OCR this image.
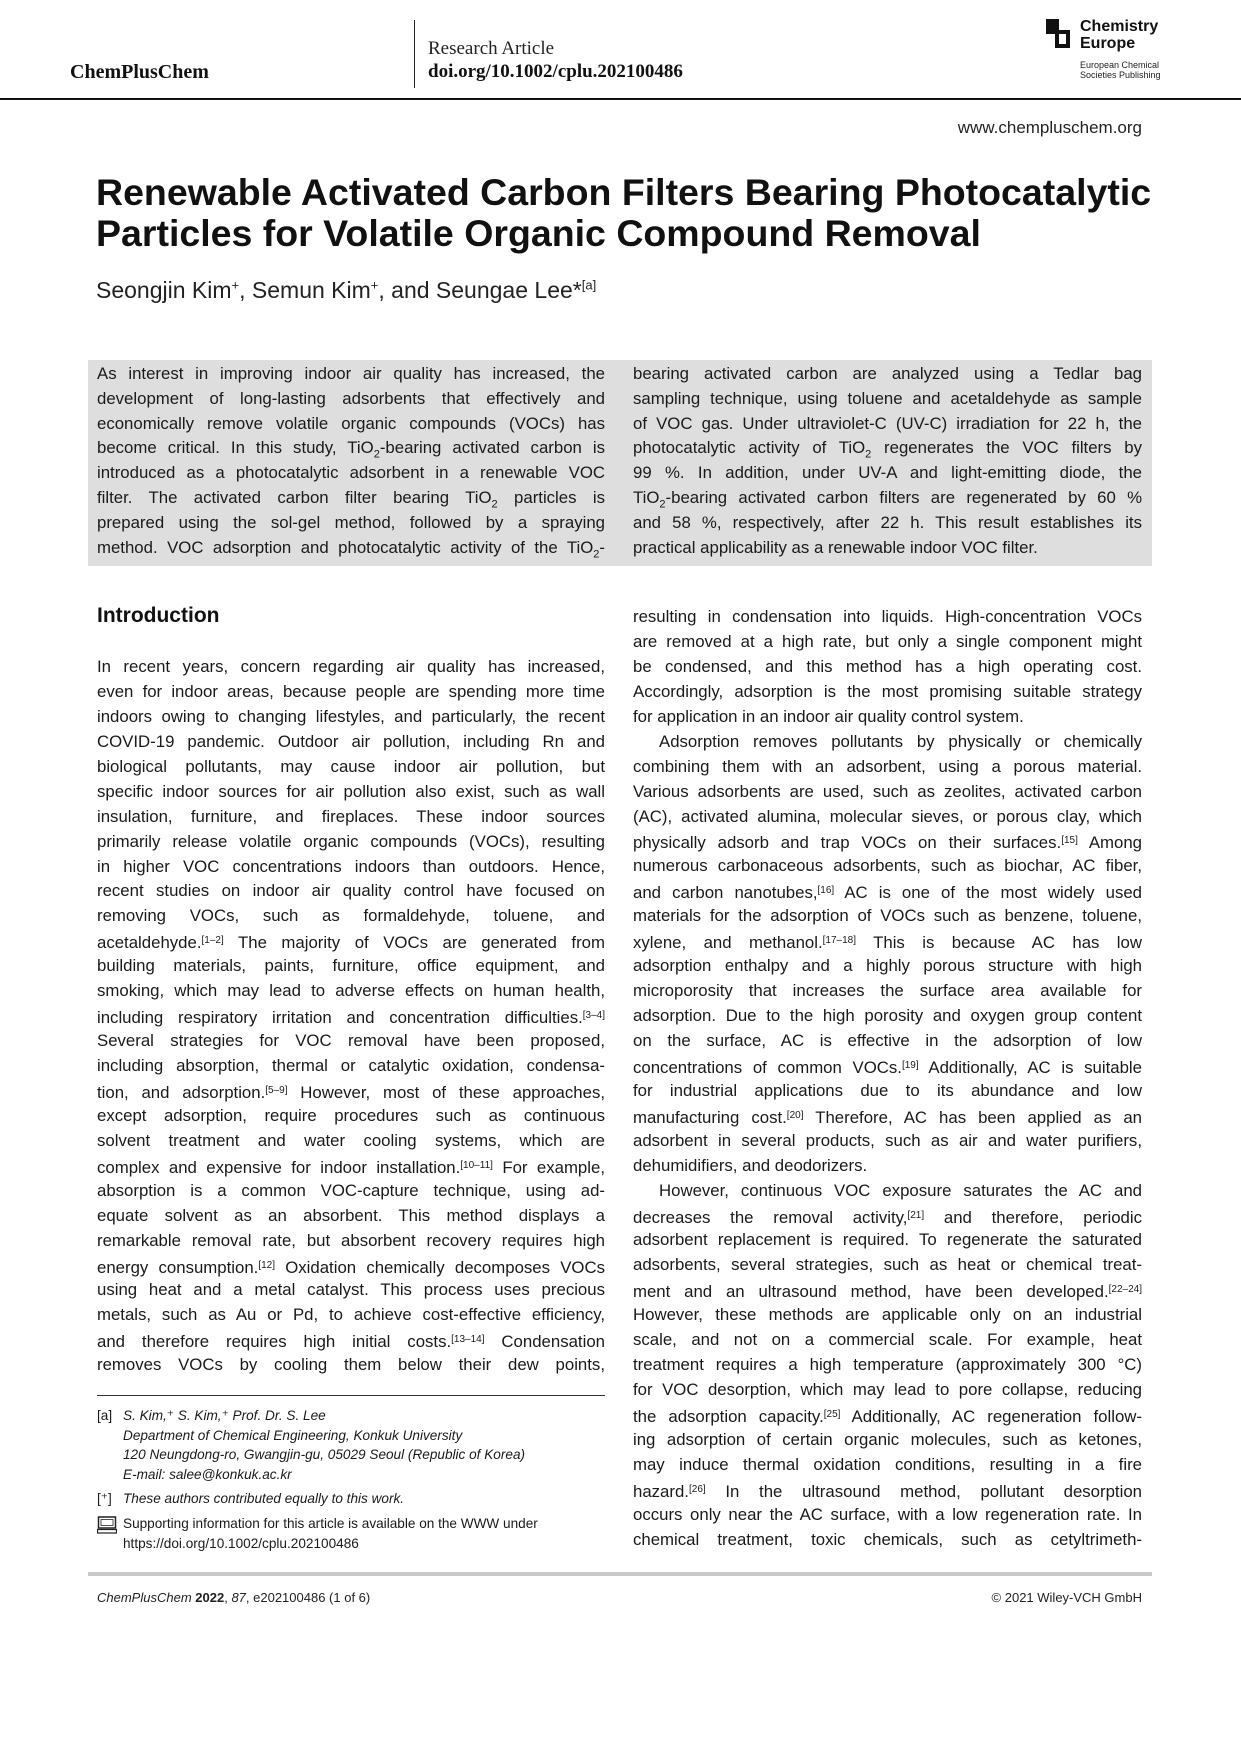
ChemPlusChem
Research Article
doi.org/10.1002/cplu.202100486
Chemistry
Europe
European Chemical
Societies Publishing
www.chempluschem.org
Renewable Activated Carbon Filters Bearing Photocatalytic
Particles for Volatile Organic Compound Removal
Seongjin Kim+, Semun Kim+, and Seungae Lee*[a]
As interest in improving indoor air quality has increased, the
development of long-lasting adsorbents that effectively and
economically remove volatile organic compounds (VOCs) has
become critical. In this study, TiO$_2$-bearing activated carbon is
introduced as a photocatalytic adsorbent in a renewable VOC
filter. The activated carbon filter bearing TiO$_2$ particles is
prepared using the sol-gel method, followed by a spraying
method. VOC adsorption and photocatalytic activity of the TiO$_2$-
bearing activated carbon are analyzed using a Tedlar bag
sampling technique, using toluene and acetaldehyde as sample
of VOC gas. Under ultraviolet-C (UV-C) irradiation for 22 h, the
photocatalytic activity of TiO$_2$ regenerates the VOC filters by
99 %. In addition, under UV-A and light-emitting diode, the
TiO$_2$-bearing activated carbon filters are regenerated by 60 %
and 58 %, respectively, after 22 h. This result establishes its
practical applicability as a renewable indoor VOC filter.
Introduction
In recent years, concern regarding air quality has increased,
even for indoor areas, because people are spending more time
indoors owing to changing lifestyles, and particularly, the recent
COVID-19 pandemic. Outdoor air pollution, including Rn and
biological pollutants, may cause indoor air pollution, but
specific indoor sources for air pollution also exist, such as wall
insulation, furniture, and fireplaces. These indoor sources
primarily release volatile organic compounds (VOCs), resulting
in higher VOC concentrations indoors than outdoors. Hence,
recent studies on indoor air quality control have focused on
removing VOCs, such as formaldehyde, toluene, and
acetaldehyde.[1–2] The majority of VOCs are generated from
building materials, paints, furniture, office equipment, and
smoking, which may lead to adverse effects on human health,
including respiratory irritation and concentration difficulties.[3–4]
Several strategies for VOC removal have been proposed,
including absorption, thermal or catalytic oxidation, condensa-
tion, and adsorption.[5–9] However, most of these approaches,
except adsorption, require procedures such as continuous
solvent treatment and water cooling systems, which are
complex and expensive for indoor installation.[10–11] For example,
absorption is a common VOC-capture technique, using ad-
equate solvent as an absorbent. This method displays a
remarkable removal rate, but absorbent recovery requires high
energy consumption.[12] Oxidation chemically decomposes VOCs
using heat and a metal catalyst. This process uses precious
metals, such as Au or Pd, to achieve cost-effective efficiency,
and therefore requires high initial costs.[13–14] Condensation
removes VOCs by cooling them below their dew points,
resulting in condensation into liquids. High-concentration VOCs
are removed at a high rate, but only a single component might
be condensed, and this method has a high operating cost.
Accordingly, adsorption is the most promising suitable strategy
for application in an indoor air quality control system.
Adsorption removes pollutants by physically or chemically
combining them with an adsorbent, using a porous material.
Various adsorbents are used, such as zeolites, activated carbon
(AC), activated alumina, molecular sieves, or porous clay, which
physically adsorb and trap VOCs on their surfaces.[15] Among
numerous carbonaceous adsorbents, such as biochar, AC fiber,
and carbon nanotubes,[16] AC is one of the most widely used
materials for the adsorption of VOCs such as benzene, toluene,
xylene, and methanol.[17–18] This is because AC has low
adsorption enthalpy and a highly porous structure with high
microporosity that increases the surface area available for
adsorption. Due to the high porosity and oxygen group content
on the surface, AC is effective in the adsorption of low
concentrations of common VOCs.[19] Additionally, AC is suitable
for industrial applications due to its abundance and low
manufacturing cost.[20] Therefore, AC has been applied as an
adsorbent in several products, such as air and water purifiers,
dehumidifiers, and deodorizers.
However, continuous VOC exposure saturates the AC and
decreases the removal activity,[21] and therefore, periodic
adsorbent replacement is required. To regenerate the saturated
adsorbents, several strategies, such as heat or chemical treat-
ment and an ultrasound method, have been developed.[22–24]
However, these methods are applicable only on an industrial
scale, and not on a commercial scale. For example, heat
treatment requires a high temperature (approximately 300 °C)
for VOC desorption, which may lead to pore collapse, reducing
the adsorption capacity.[25] Additionally, AC regeneration follow-
ing adsorption of certain organic molecules, such as ketones,
may induce thermal oxidation conditions, resulting in a fire
hazard.[26] In the ultrasound method, pollutant desorption
occurs only near the AC surface, with a low regeneration rate. In
chemical treatment, toxic chemicals, such as cetyltrimeth-
[a] S. Kim,⁺ S. Kim,⁺ Prof. Dr. S. Lee
Department of Chemical Engineering, Konkuk University
120 Neungdong-ro, Gwangjin-gu, 05029 Seoul (Republic of Korea)
E-mail: salee@konkuk.ac.kr
[⁺] These authors contributed equally to this work.
Supporting information for this article is available on the WWW under
https://doi.org/10.1002/cplu.202100486
ChemPlusChem 2022, 87, e202100486 (1 of 6)	© 2021 Wiley-VCH GmbH
